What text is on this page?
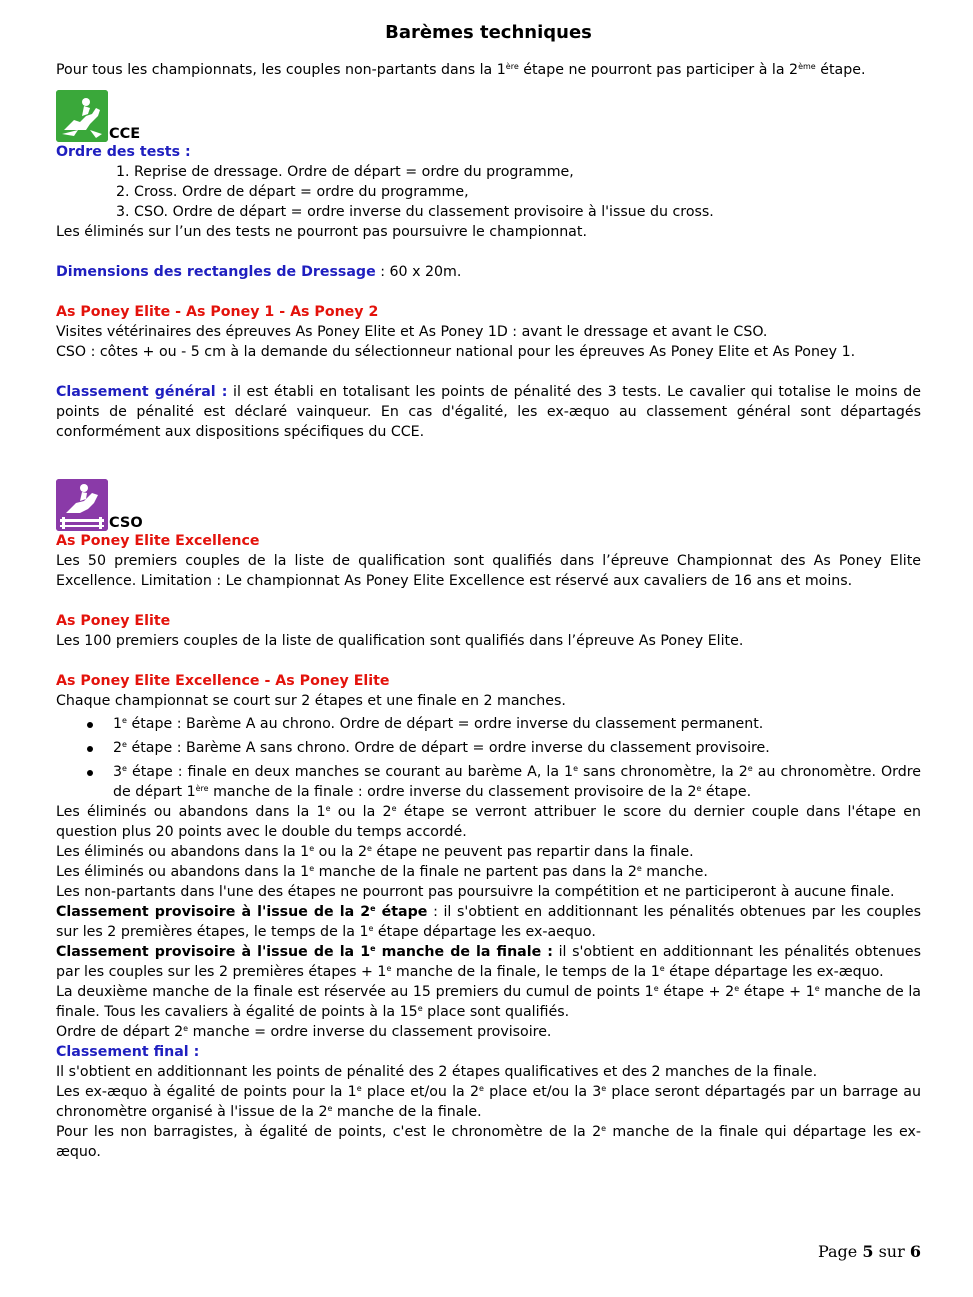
Barèmes techniques

Pour tous les championnats, les couples non-partants dans la 1ère étape ne pourront pas participer à la 2ème étape.

CCE

Ordre des tests :

1. Reprise de dressage. Ordre de départ = ordre du programme,
2. Cross. Ordre de départ = ordre du programme,
3. CSO. Ordre de départ = ordre inverse du classement provisoire à l'issue du cross.

Les éliminés sur l’un des tests ne pourront pas poursuivre le championnat.

Dimensions des rectangles de Dressage : 60 x 20m.

As Poney Elite - As Poney 1 - As Poney 2

Visites vétérinaires des épreuves As Poney Elite et As Poney 1D : avant le dressage et avant le CSO.

CSO : côtes + ou - 5 cm à la demande du sélectionneur national pour les épreuves As Poney Elite et As Poney 1.

Classement général : il est établi en totalisant les points de pénalité des 3 tests. Le cavalier qui totalise le moins de points de pénalité est déclaré vainqueur. En cas d'égalité, les ex-æquo au classement général sont départagés conformément aux dispositions spécifiques du CCE.

CSO

As Poney Elite Excellence

Les 50 premiers couples de la liste de qualification sont qualifiés dans l’épreuve Championnat des As Poney Elite Excellence. Limitation : Le championnat As Poney Elite Excellence est réservé aux cavaliers de 16 ans et moins.

As Poney Elite

Les 100 premiers couples de la liste de qualification sont qualifiés dans l’épreuve As Poney Elite.

As Poney Elite Excellence - As Poney Elite

Chaque championnat se court sur 2 étapes et une finale en 2 manches.

1e étape : Barème A au chrono. Ordre de départ = ordre inverse du classement permanent.
2e étape : Barème A sans chrono. Ordre de départ = ordre inverse du classement provisoire.
3e étape : finale en deux manches se courant au barème A, la 1e sans chronomètre, la 2e au chronomètre. Ordre de départ 1ère manche de la finale : ordre inverse du classement provisoire de la 2e étape.

Les éliminés ou abandons dans la 1e ou la 2e étape se verront attribuer le score du dernier couple dans l'étape en question plus 20 points avec le double du temps accordé.

Les éliminés ou abandons dans la 1e ou la 2e étape ne peuvent pas repartir dans la finale.

Les éliminés ou abandons dans la 1e manche de la finale ne partent pas dans la 2e manche.

Les non-partants dans l'une des étapes ne pourront pas poursuivre la compétition et ne participeront à aucune finale.

Classement provisoire à l'issue de la 2e étape : il s'obtient en additionnant les pénalités obtenues par les couples sur les 2 premières étapes, le temps de la 1e étape départage les ex-aequo.

Classement provisoire à l'issue de la 1e manche de la finale : il s'obtient en additionnant les pénalités obtenues par les couples sur les 2 premières étapes + $1^e$ manche de la finale, le temps de la 1e étape départage les ex-æquo.

La deuxième manche de la finale est réservée au 15 premiers du cumul de points 1e étape + $2^e$ étape + $1^e$ manche de la finale. Tous les cavaliers à égalité de points à la 15e place sont qualifiés.

Ordre de départ 2e manche = ordre inverse du classement provisoire.

Classement final :

Il s'obtient en additionnant les points de pénalité des 2 étapes qualificatives et des 2 manches de la finale.

Les ex-æquo à égalité de points pour la 1e place et/ou la 2e place et/ou la 3e place seront départagés par un barrage au chronomètre organisé à l'issue de la 2e manche de la finale.

Pour les non barragistes, à égalité de points, c'est le chronomètre de la 2e manche de la finale qui départage les ex-æquo.

Page 5 sur 6
